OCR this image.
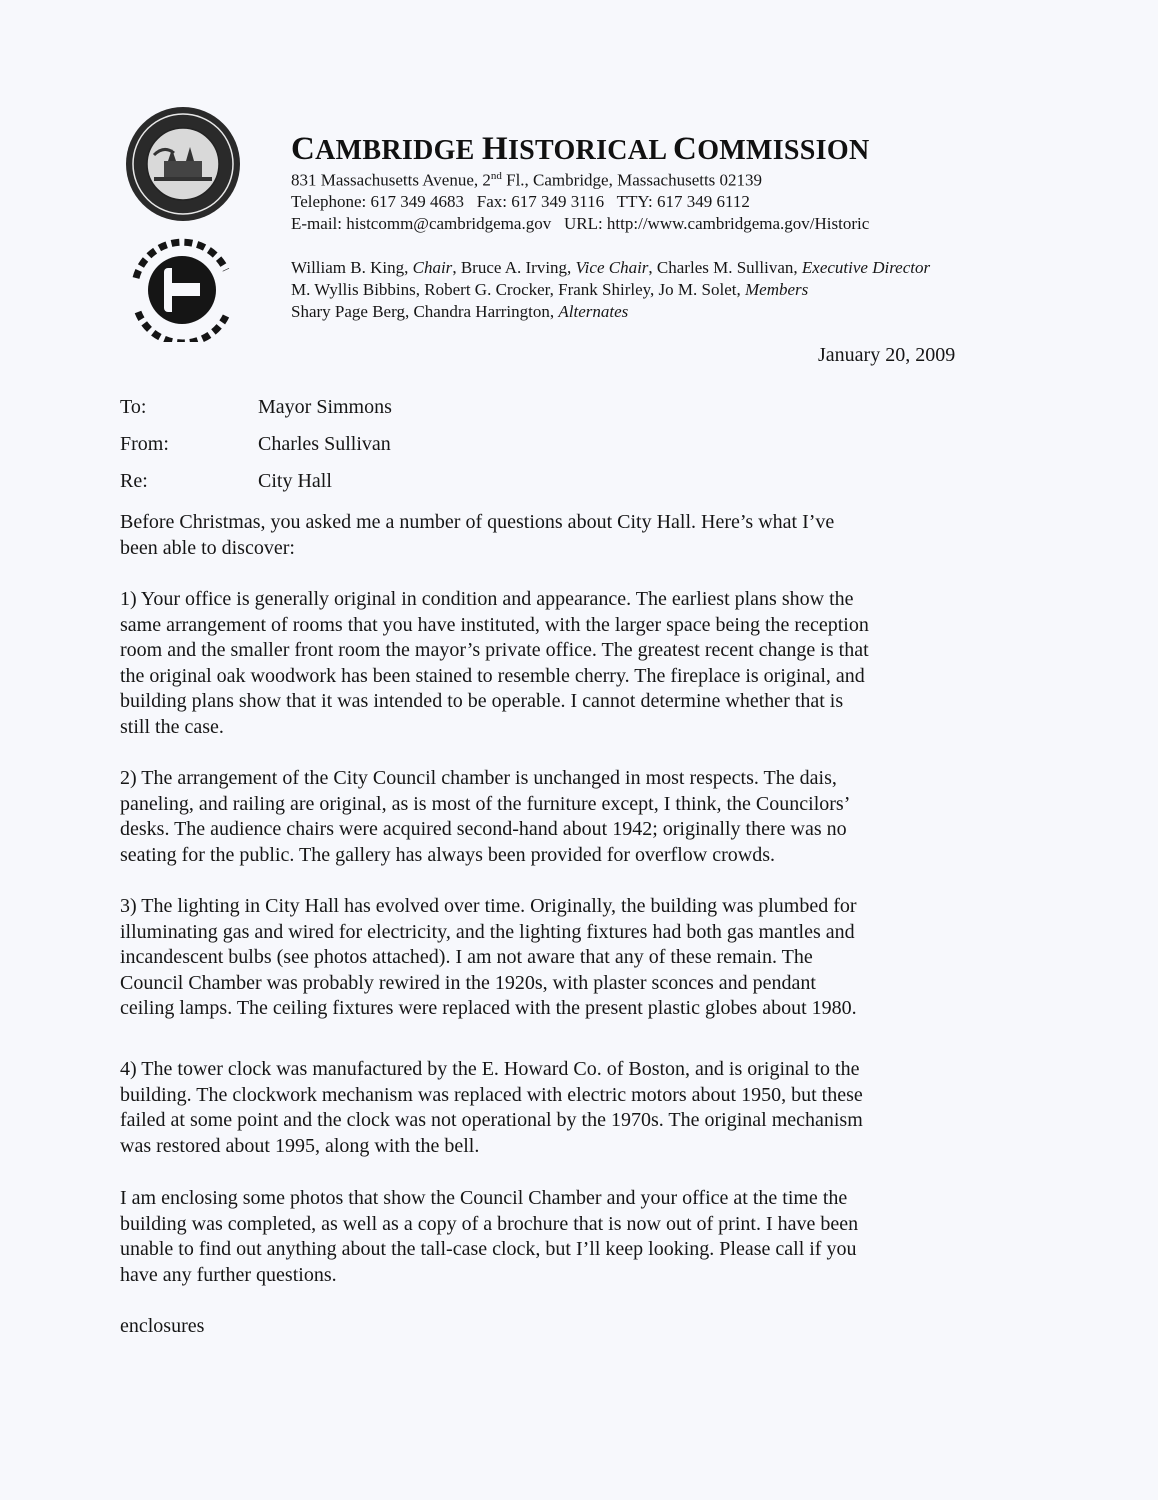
CAMBRIDGE HISTORICAL COMMISSION
831 Massachusetts Avenue, 2nd Fl., Cambridge, Massachusetts 02139
Telephone: 617 349 4683   Fax: 617 349 3116   TTY: 617 349 6112
E-mail: histcomm@cambridgema.gov   URL: http://www.cambridgema.gov/Historic
William B. King, Chair, Bruce A. Irving, Vice Chair, Charles M. Sullivan, Executive Director
M. Wyllis Bibbins, Robert G. Crocker, Frank Shirley, Jo M. Solet, Members
Shary Page Berg, Chandra Harrington, Alternates
January 20, 2009
To:	Mayor Simmons
From:	Charles Sullivan
Re:	City Hall
Before Christmas, you asked me a number of questions about City Hall. Here’s what I’ve
been able to discover:
1) Your office is generally original in condition and appearance. The earliest plans show the
same arrangement of rooms that you have instituted, with the larger space being the reception
room and the smaller front room the mayor’s private office. The greatest recent change is that
the original oak woodwork has been stained to resemble cherry. The fireplace is original, and
building plans show that it was intended to be operable. I cannot determine whether that is
still the case.
2) The arrangement of the City Council chamber is unchanged in most respects. The dais,
paneling, and railing are original, as is most of the furniture except, I think, the Councilors’
desks. The audience chairs were acquired second-hand about 1942; originally there was no
seating for the public. The gallery has always been provided for overflow crowds.
3) The lighting in City Hall has evolved over time. Originally, the building was plumbed for
illuminating gas and wired for electricity, and the lighting fixtures had both gas mantles and
incandescent bulbs (see photos attached). I am not aware that any of these remain. The
Council Chamber was probably rewired in the 1920s, with plaster sconces and pendant
ceiling lamps. The ceiling fixtures were replaced with the present plastic globes about 1980.
4) The tower clock was manufactured by the E. Howard Co. of Boston, and is original to the
building. The clockwork mechanism was replaced with electric motors about 1950, but these
failed at some point and the clock was not operational by the 1970s. The original mechanism
was restored about 1995, along with the bell.
I am enclosing some photos that show the Council Chamber and your office at the time the
building was completed, as well as a copy of a brochure that is now out of print. I have been
unable to find out anything about the tall-case clock, but I’ll keep looking. Please call if you
have any further questions.
enclosures
